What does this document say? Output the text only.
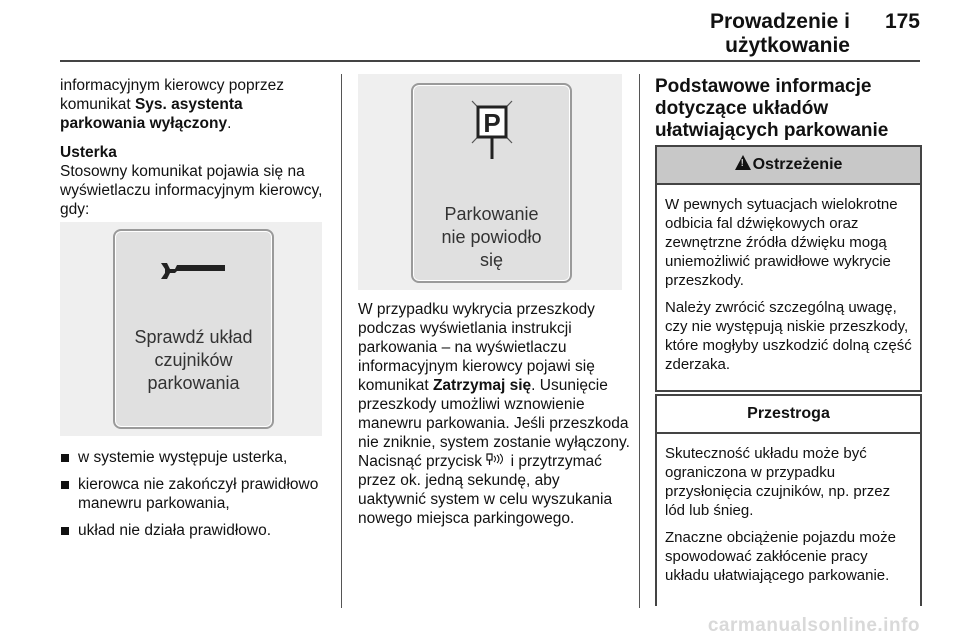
Prowadzenie i użytkowanie
175

informacyjnym kierowcy poprzez komunikat Sys. asystenta parkowania wyłączony.

Usterka

Stosowny komunikat pojawia się na wyświetlaczu informacyjnym kierowcy, gdy:

Sprawdź układ
czujników
parkowania
w systemie występuje usterka,
kierowca nie zakończył prawidłowo manewru parkowania,
układ nie działa prawidłowo.
P
Parkowanie
nie powiodło
się

W przypadku wykrycia przeszkody podczas wyświetlania instrukcji parkowania – na wyświetlaczu informacyjnym kierowcy pojawi się komunikat Zatrzymaj się. Usunięcie przeszkody umożliwi wznowienie manewru parkowania. Jeśli przeszkoda nie zniknie, system zostanie wyłączony. Nacisnąć przycisk  i przytrzymać przez ok. jedną sekundę, aby uaktywnić system w celu wyszukania nowego miejsca parkingowego.

Podstawowe informacje dotyczące układów ułatwiających parkowanie
!Ostrzeżenie

W pewnych sytuacjach wielokrotne odbicia fal dźwiękowych oraz zewnętrzne źródła dźwięku mogą uniemożliwić prawidłowe wykrycie przeszkody.

Należy zwrócić szczególną uwagę, czy nie występują niskie przeszkody, które mogłyby uszkodzić dolną część zderzaka.

Przestroga

Skuteczność układu może być ograniczona w przypadku przysłonięcia czujników, np. przez lód lub śnieg.

Znaczne obciążenie pojazdu może spowodować zakłócenie pracy układu ułatwiającego parkowanie.

carmanualsonline.info
